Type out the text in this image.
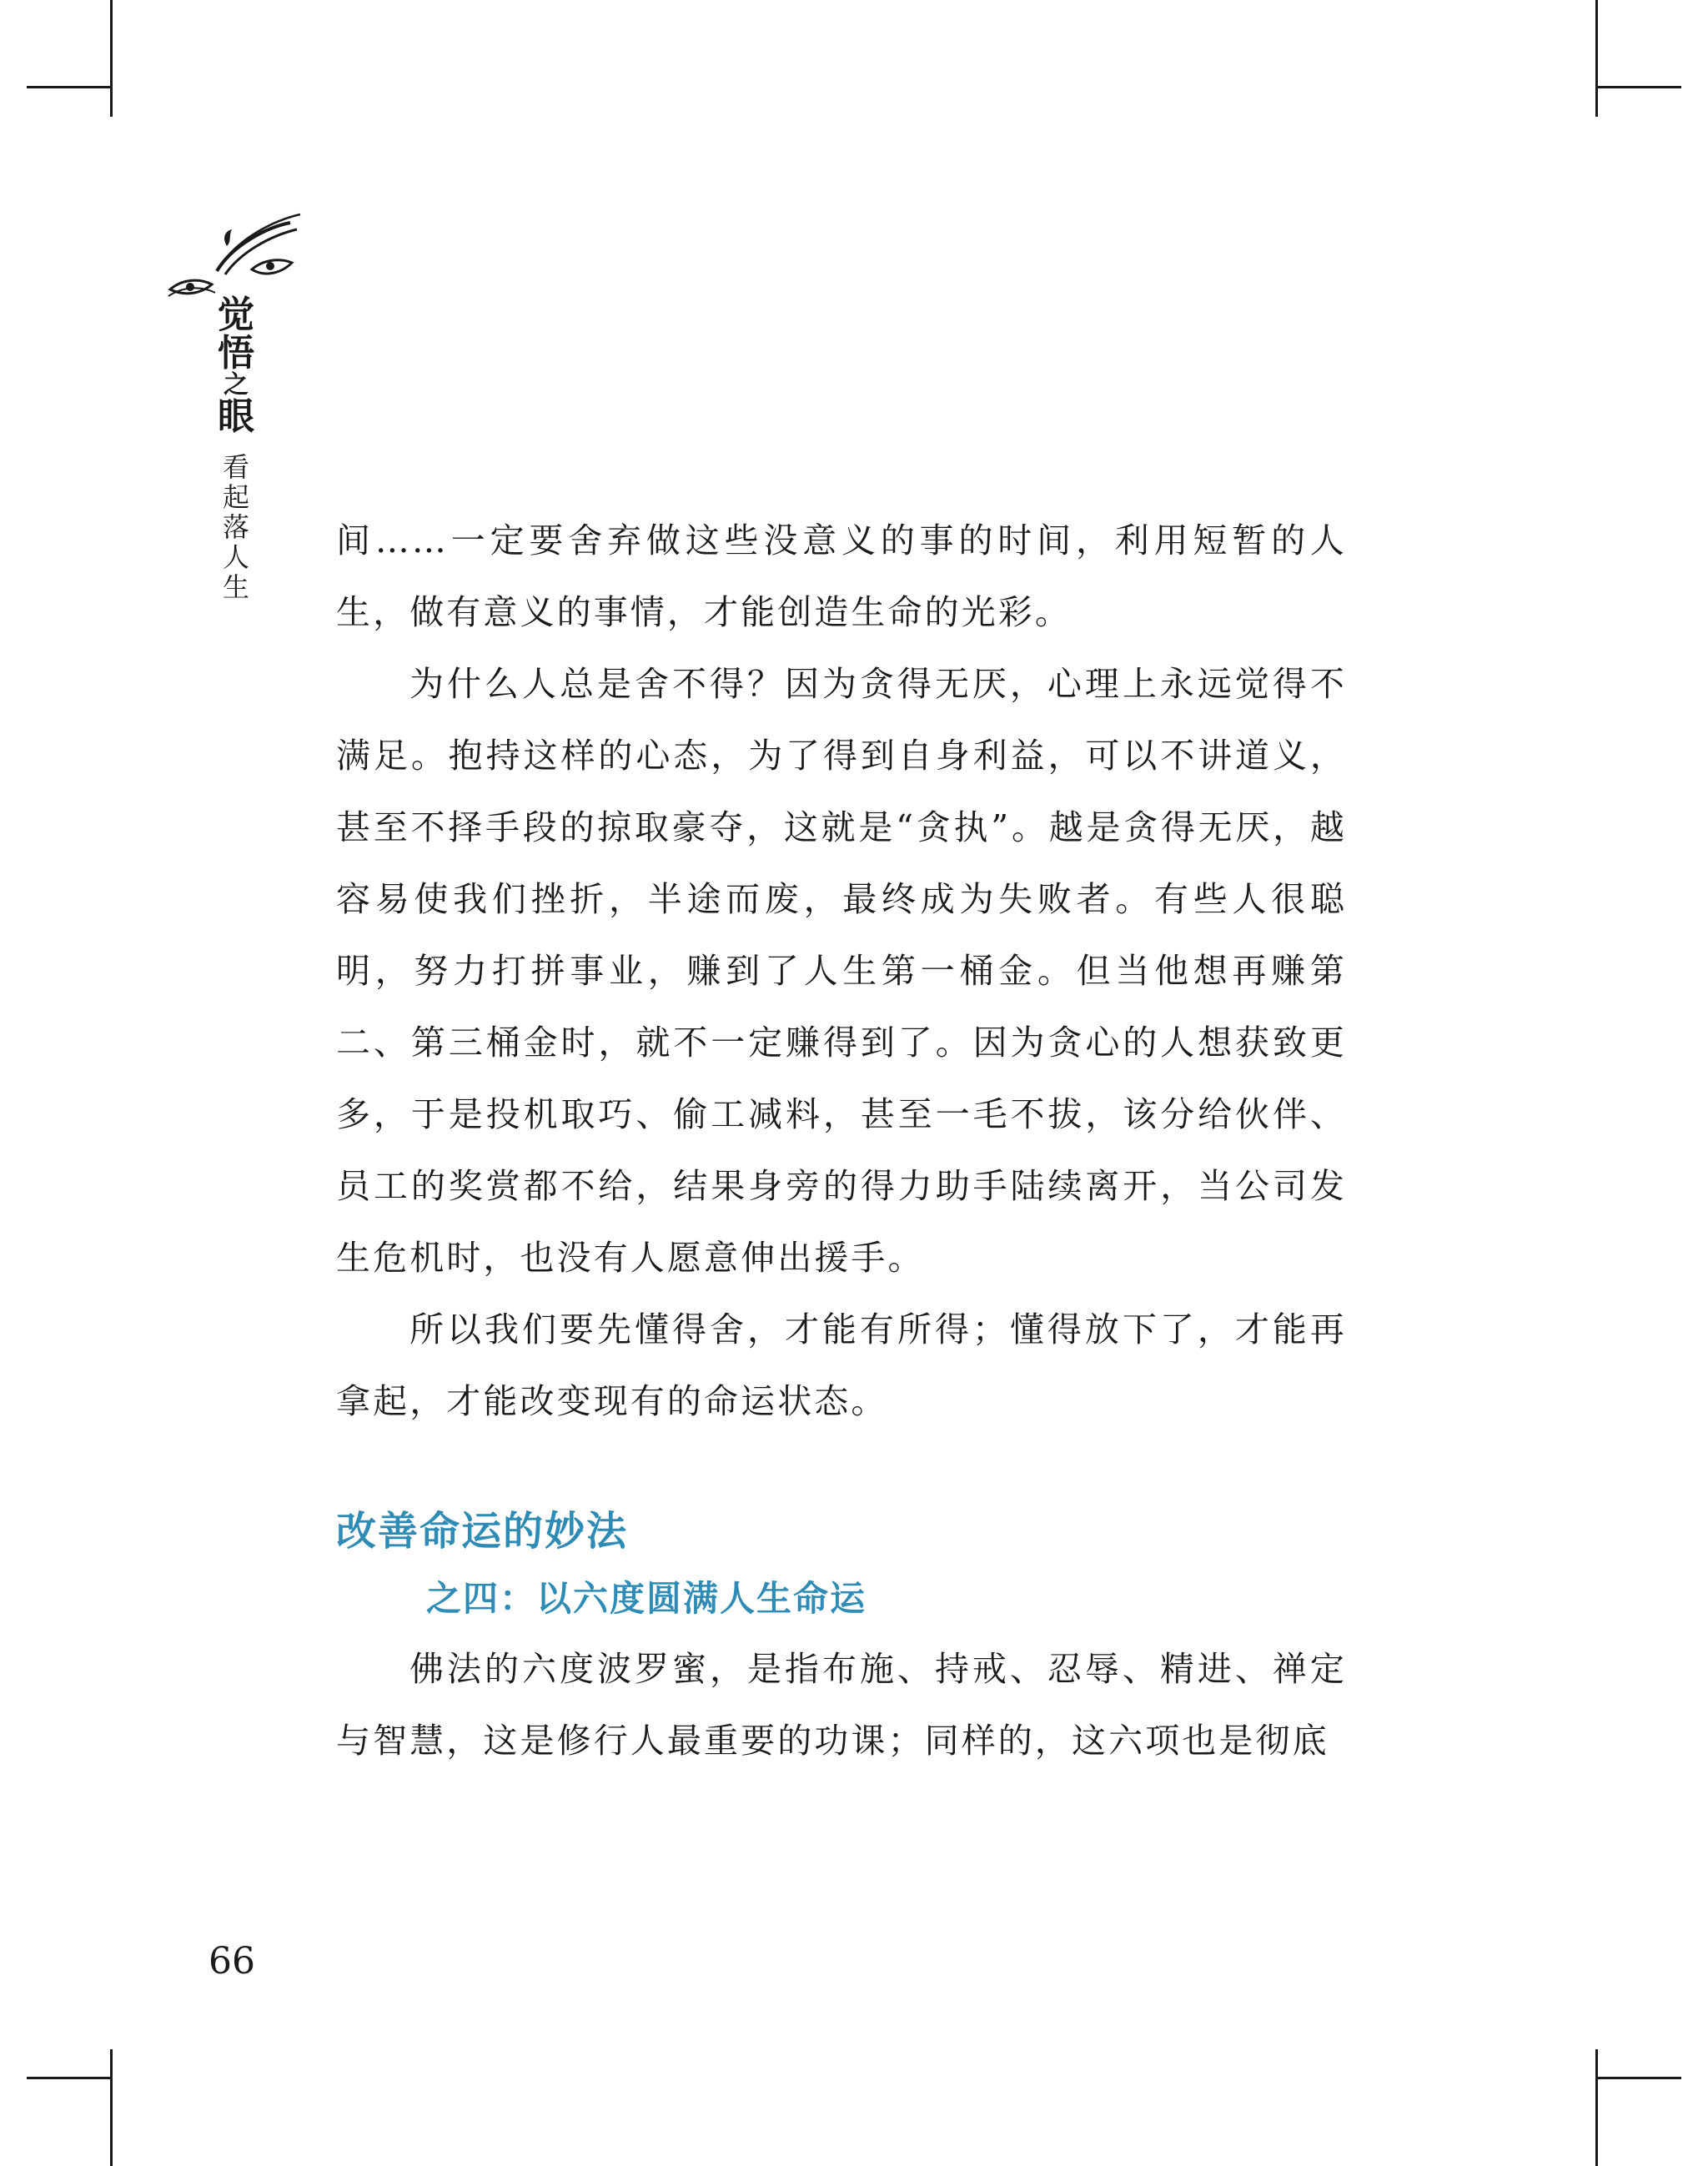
觉
悟
之
眼
看
起
落
人
生

间……一定要舍弃做这些没意义的事的时间，利用短暂的人生，做有意义的事情，才能创造生命的光彩。

为什么人总是舍不得？因为贪得无厌，心理上永远觉得不满足。抱持这样的心态，为了得到自身利益，可以不讲道义，甚至不择手段的掠取豪夺，这就是“贪执”。越是贪得无厌，越容易使我们挫折，半途而废，最终成为失败者。有些人很聪明，努力打拼事业，赚到了人生第一桶金。但当他想再赚第二、第三桶金时，就不一定赚得到了。因为贪心的人想获致更多，于是投机取巧、偷工减料，甚至一毛不拔，该分给伙伴、员工的奖赏都不给，结果身旁的得力助手陆续离开，当公司发生危机时，也没有人愿意伸出援手。

所以我们要先懂得舍，才能有所得；懂得放下了，才能再拿起，才能改变现有的命运状态。

改善命运的妙法
之四：以六度圆满人生命运

佛法的六度波罗蜜，是指布施、持戒、忍辱、精进、禅定与智慧，这是修行人最重要的功课；同样的，这六项也是彻底

66
